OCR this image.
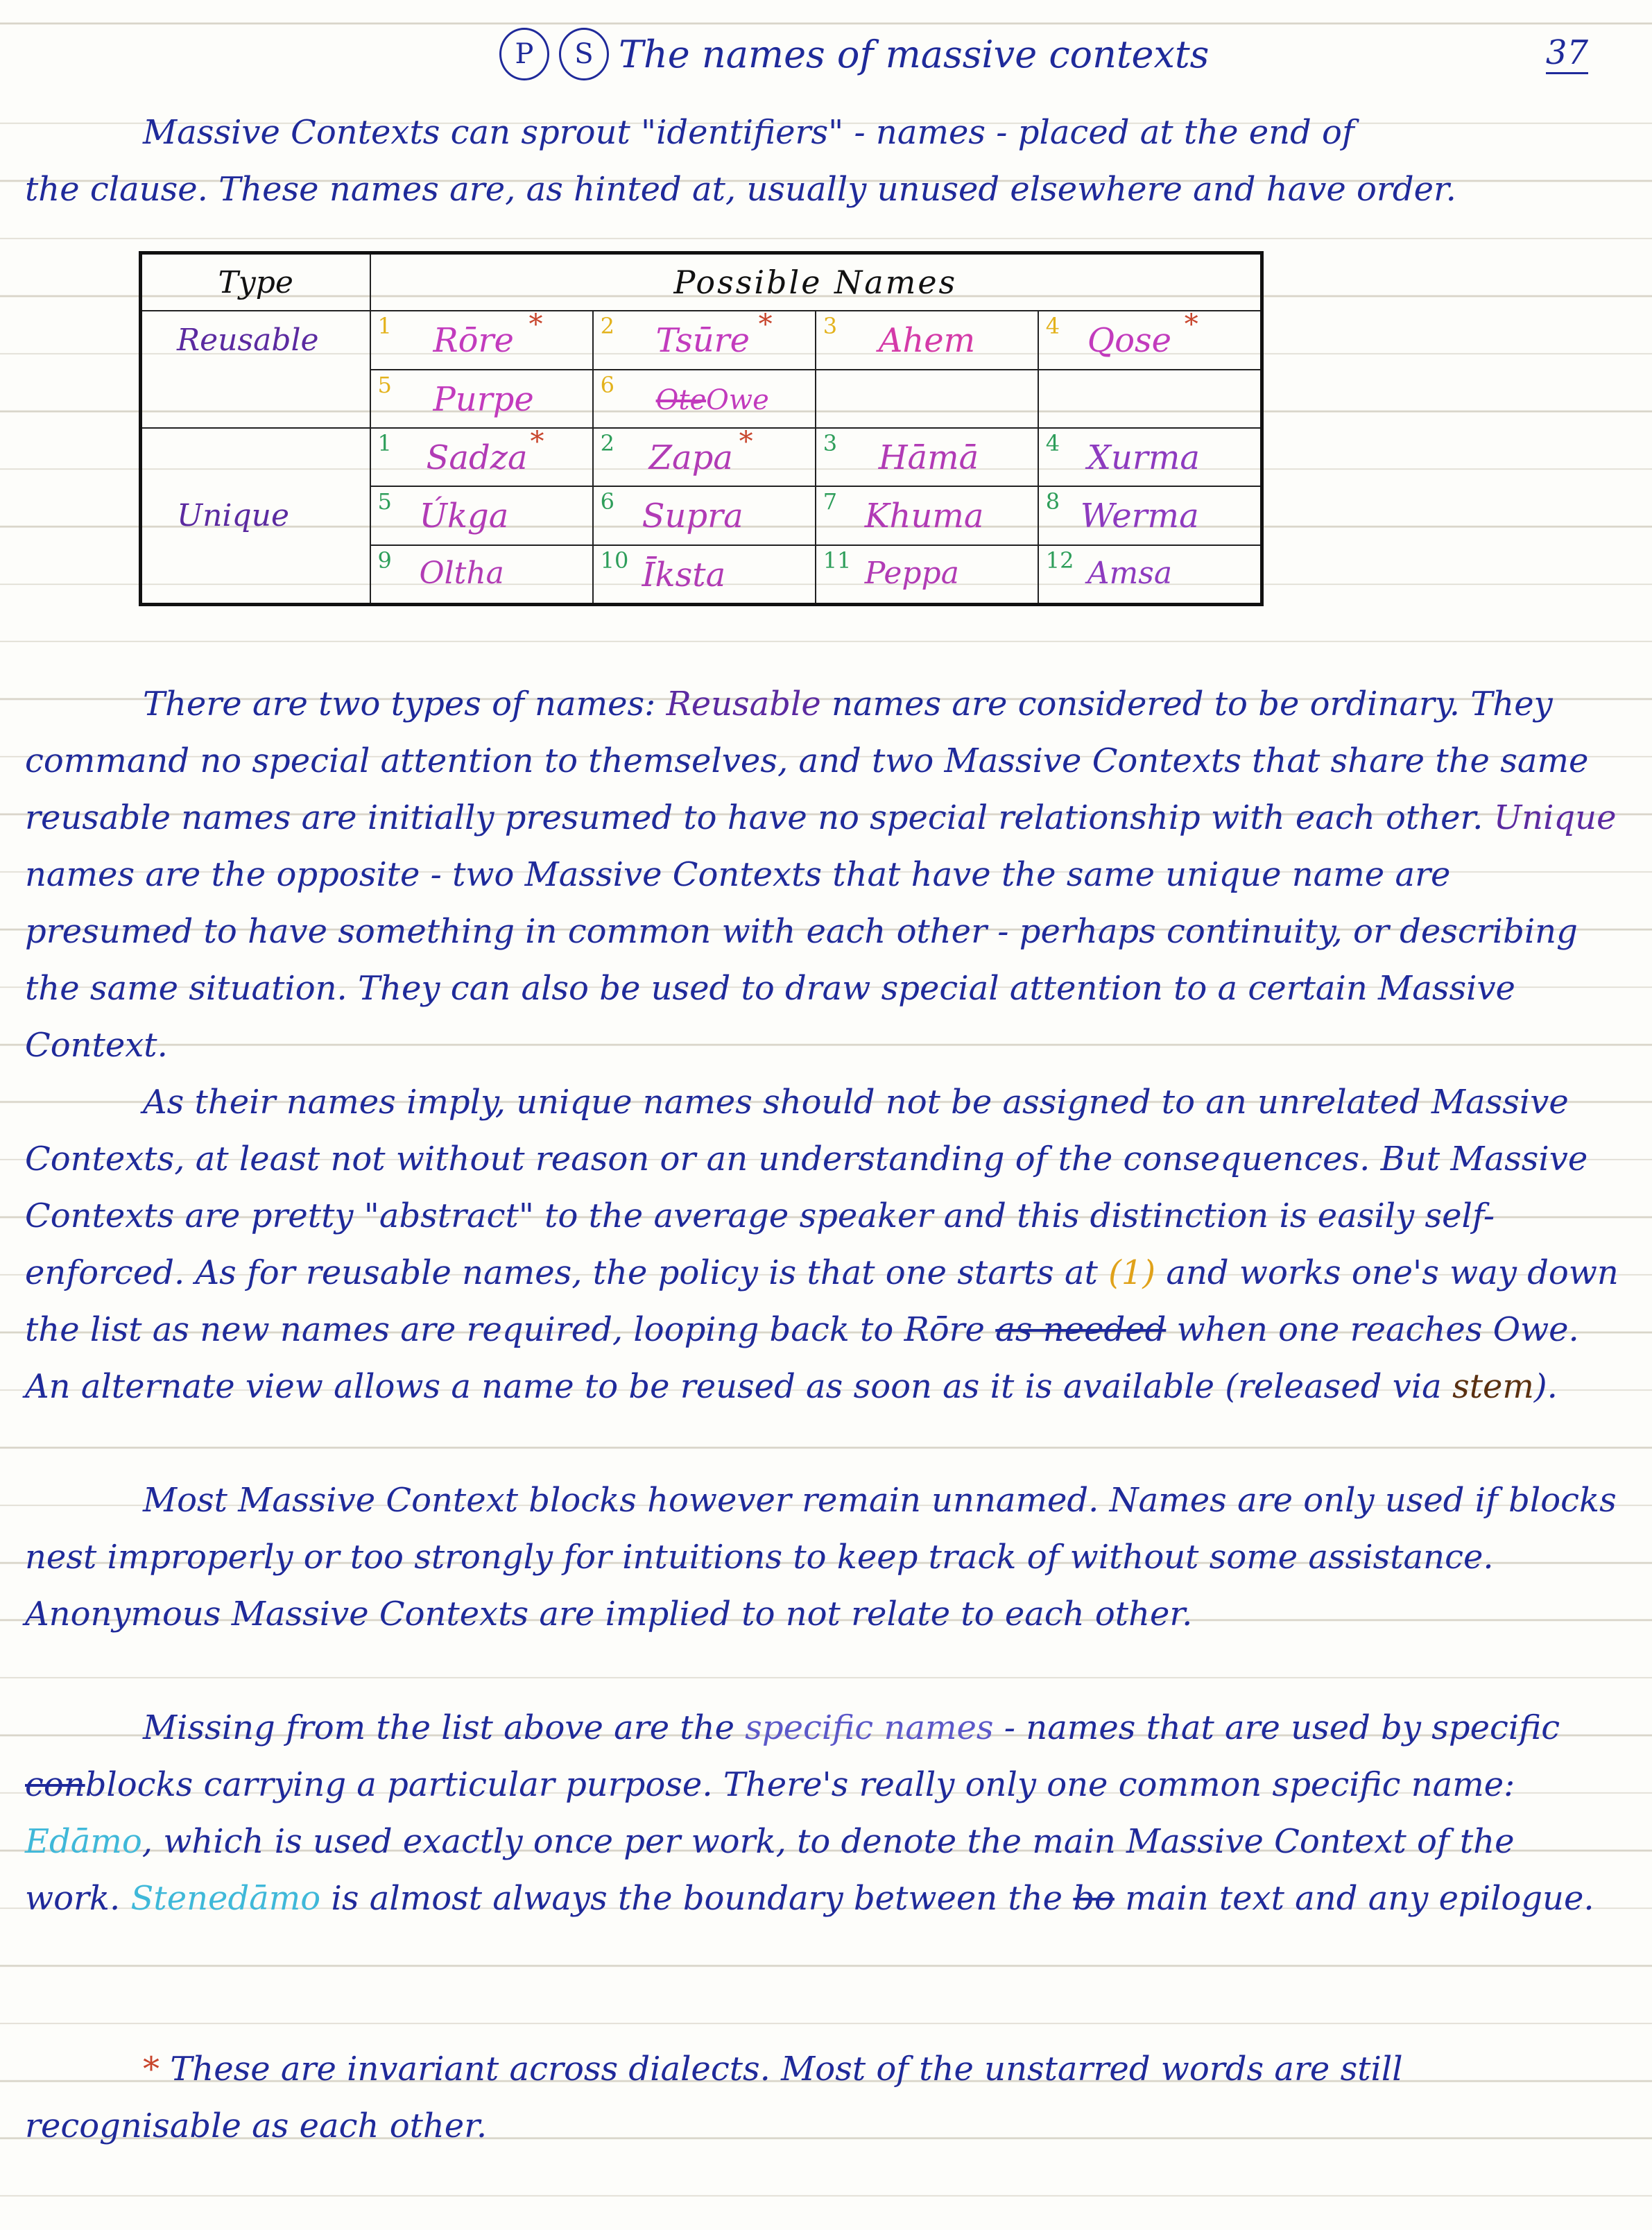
P	S The names of massive contexts	37

Massive Contexts can sprout "identifiers" - names - placed at the end of
the clause. These names are, as hinted at, usually unused elsewhere and have order.

Type	Possible Names			
Reusable	1 Rōre *	2 Tsūre *	3 Ahem	4 Qose *

	5 Purpe	6 OteOwe		

Unique	1 Sadza *	2 Zapa *	3 Hāmā	4 Xurma

	5 Úkga	6 Supra	7 Khuma	8 Werma

	9 Oltha	10 Īksta	11 Peppa	12 Amsa

There are two types of names: Reusable names are considered to be ordinary. They command no special attention to themselves, and two Massive Contexts that share the same reusable names are initially presumed to have no special relationship with each other. Unique names are the opposite - two Massive Contexts that have the same unique name are presumed to have something in common with each other - perhaps continuity, or describing the same situation. They can also be used to draw special attention to a certain Massive Context.

As their names imply, unique names should not be assigned to an unrelated Massive Contexts, at least not without reason or an understanding of the consequences. But Massive Contexts are pretty "abstract" to the average speaker and this distinction is easily self-enforced. As for reusable names, the policy is that one starts at (1) and works one's way down the list as new names are required, looping back to Rōre as needed when one reaches Owe. An alternate view allows a name to be reused as soon as it is available (released via stem).

Most Massive Context blocks however remain unnamed. Names are only used if blocks nest improperly or too strongly for intuitions to keep track of without some assistance. Anonymous Massive Contexts are implied to not relate to each other.

Missing from the list above are the specific names - names that are used by specific conblocks carrying a particular purpose. There's really only one common specific name: Edāmo, which is used exactly once per work, to denote the main Massive Context of the work. Stenedāmo is almost always the boundary between the bo main text and any epilogue.

* These are invariant across dialects. Most of the unstarred words are still recognisable as each other.
